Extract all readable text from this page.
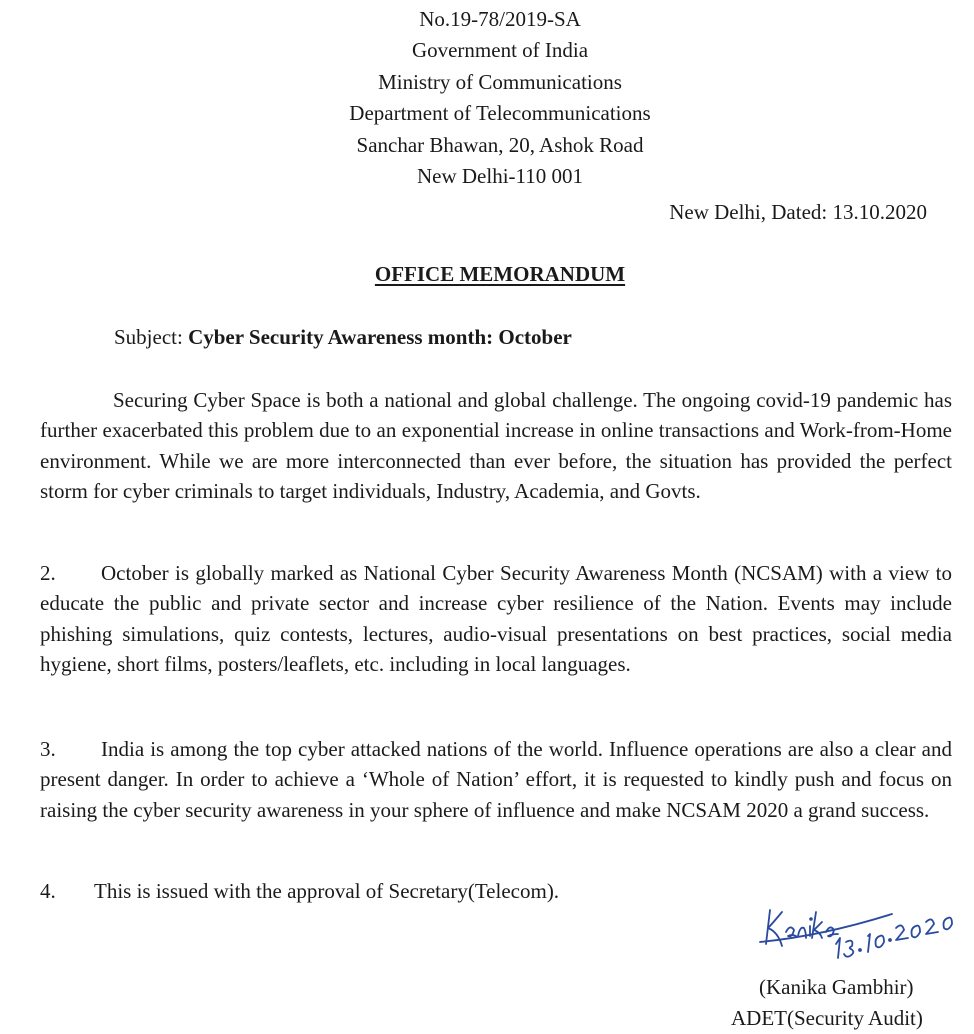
No.19-78/2019-SA
Government of India
Ministry of Communications
Department of Telecommunications
Sanchar Bhawan, 20, Ashok Road
New Delhi-110 001
New Delhi, Dated: 13.10.2020
OFFICE MEMORANDUM
Subject: Cyber Security Awareness month: October
Securing Cyber Space is both a national and global challenge. The ongoing covid-19 pandemic has further exacerbated this problem due to an exponential increase in online transactions and Work-from-Home environment. While we are more interconnected than ever before, the situation has provided the perfect storm for cyber criminals to target individuals, Industry, Academia, and Govts.
2. October is globally marked as National Cyber Security Awareness Month (NCSAM) with a view to educate the public and private sector and increase cyber resilience of the Nation. Events may include phishing simulations, quiz contests, lectures, audio-visual presentations on best practices, social media hygiene, short films, posters/leaflets, etc. including in local languages.
3. India is among the top cyber attacked nations of the world. Influence operations are also a clear and present danger. In order to achieve a ‘Whole of Nation’ effort, it is requested to kindly push and focus on raising the cyber security awareness in your sphere of influence and make NCSAM 2020 a grand success.
4. This is issued with the approval of Secretary(Telecom).
(Kanika Gambhir)
ADET(Security Audit)
